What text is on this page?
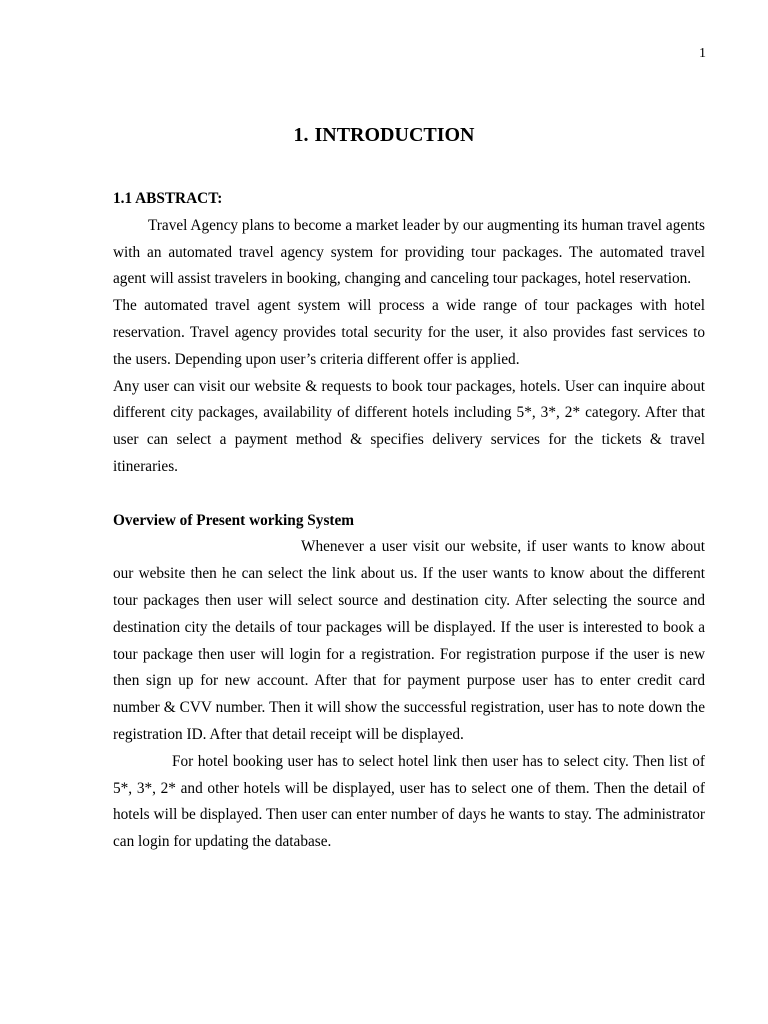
1
1. INTRODUCTION

1.1 ABSTRACT:

Travel Agency plans to become a market leader by our augmenting its human travel agents with an automated travel agency system for providing tour packages. The automated travel agent will assist travelers in booking, changing and canceling tour packages, hotel reservation.

The automated travel agent system will process a wide range of tour packages with hotel reservation. Travel agency provides total security for the user, it also provides fast services to the users. Depending upon user’s criteria different offer is applied.

Any user can visit our website & requests to book tour packages, hotels. User can inquire about different city packages, availability of different hotels including 5*, 3*, 2* category. After that user can select a payment method & specifies delivery services for the tickets & travel itineraries.

Overview of Present working System

Whenever a user visit our website, if user wants to know about our website then he can select the link about us. If the user wants to know about the different tour packages then user will select source and destination city. After selecting the source and destination city the details of tour packages will be displayed. If the user is interested to book a tour package then user will login for a registration. For registration purpose if the user is new then sign up for new account. After that for payment purpose user has to enter credit card number & CVV number. Then it will show the successful registration, user has to note down the registration ID. After that detail receipt will be displayed.

For hotel booking user has to select hotel link then user has to select city. Then list of 5*, 3*, 2* and other hotels will be displayed, user has to select one of them. Then the detail of hotels will be displayed. Then user can enter number of days he wants to stay. The administrator can login for updating the database.
